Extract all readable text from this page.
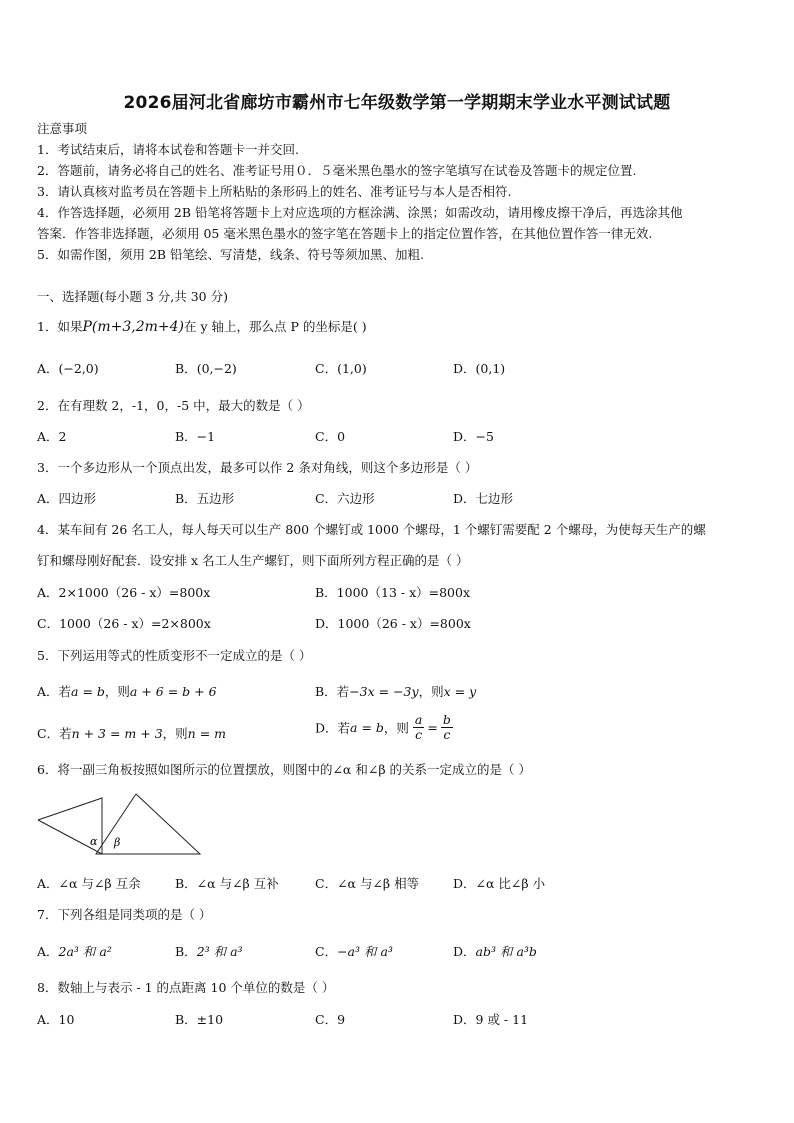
2026届河北省廊坊市霸州市七年级数学第一学期期末学业水平测试试题
注意事项
1．考试结束后，请将本试卷和答题卡一并交回.
2．答题前，请务必将自己的姓名、准考证号用０．５毫米黑色墨水的签字笔填写在试卷及答题卡的规定位置.
3．请认真核对监考员在答题卡上所粘贴的条形码上的姓名、准考证号与本人是否相符.
4．作答选择题，必须用 2B 铅笔将答题卡上对应选项的方框涂满、涂黑；如需改动，请用橡皮擦干净后，再选涂其他
答案．作答非选择题，必须用 05 毫米黑色墨水的签字笔在答题卡上的指定位置作答，在其他位置作答一律无效.
5．如需作图，须用 2B 铅笔绘、写清楚，线条、符号等须加黑、加粗.
一、选择题(每小题 3 分,共 30 分)
1．如果P(m+3,2m+4)在 y 轴上，那么点 P 的坐标是( )
A．(−2,0)	B．(0,−2)	C．(1,0)	D．(0,1)
2．在有理数 2，-1，0，-5 中，最大的数是（ ）
A．2	B．−1	C．0	D．−5
3．一个多边形从一个顶点出发，最多可以作 2 条对角线，则这个多边形是（ ）
A．四边形	B．五边形	C．六边形	D．七边形
4．某车间有 26 名工人，每人每天可以生产 800 个螺钉或 1000 个螺母，1 个螺钉需要配 2 个螺母，为使每天生产的螺
钉和螺母刚好配套．设安排 x 名工人生产螺钉，则下面所列方程正确的是（ ）
A．2×1000（26 - x）=800x	B．1000（13 - x）=800x
C．1000（26 - x）=2×800x	D．1000（26 - x）=800x
5．下列运用等式的性质变形不一定成立的是（ ）
A．若a = b，则a + 6 = b + 6	B．若−3x = −3y，则x = y
C．若n + 3 = m + 3，则n = m	D．若a = b，则 $\frac{a}{c} = \frac{b}{c}$
6．将一副三角板按照如图所示的位置摆放，则图中的∠α 和∠β 的关系一定成立的是（ ）
α β
A．∠α 与∠β 互余	B．∠α 与∠β 互补	C．∠α 与∠β 相等	D．∠α 比∠β 小
7．下列各组是同类项的是（ ）
A．2a³ 和 a²	B．2³ 和 a³	C．−a³ 和 a³	D．ab³ 和 a³b
8．数轴上与表示 - 1 的点距离 10 个单位的数是（ ）
A．10	B．±10	C．9	D．9 或 - 11
